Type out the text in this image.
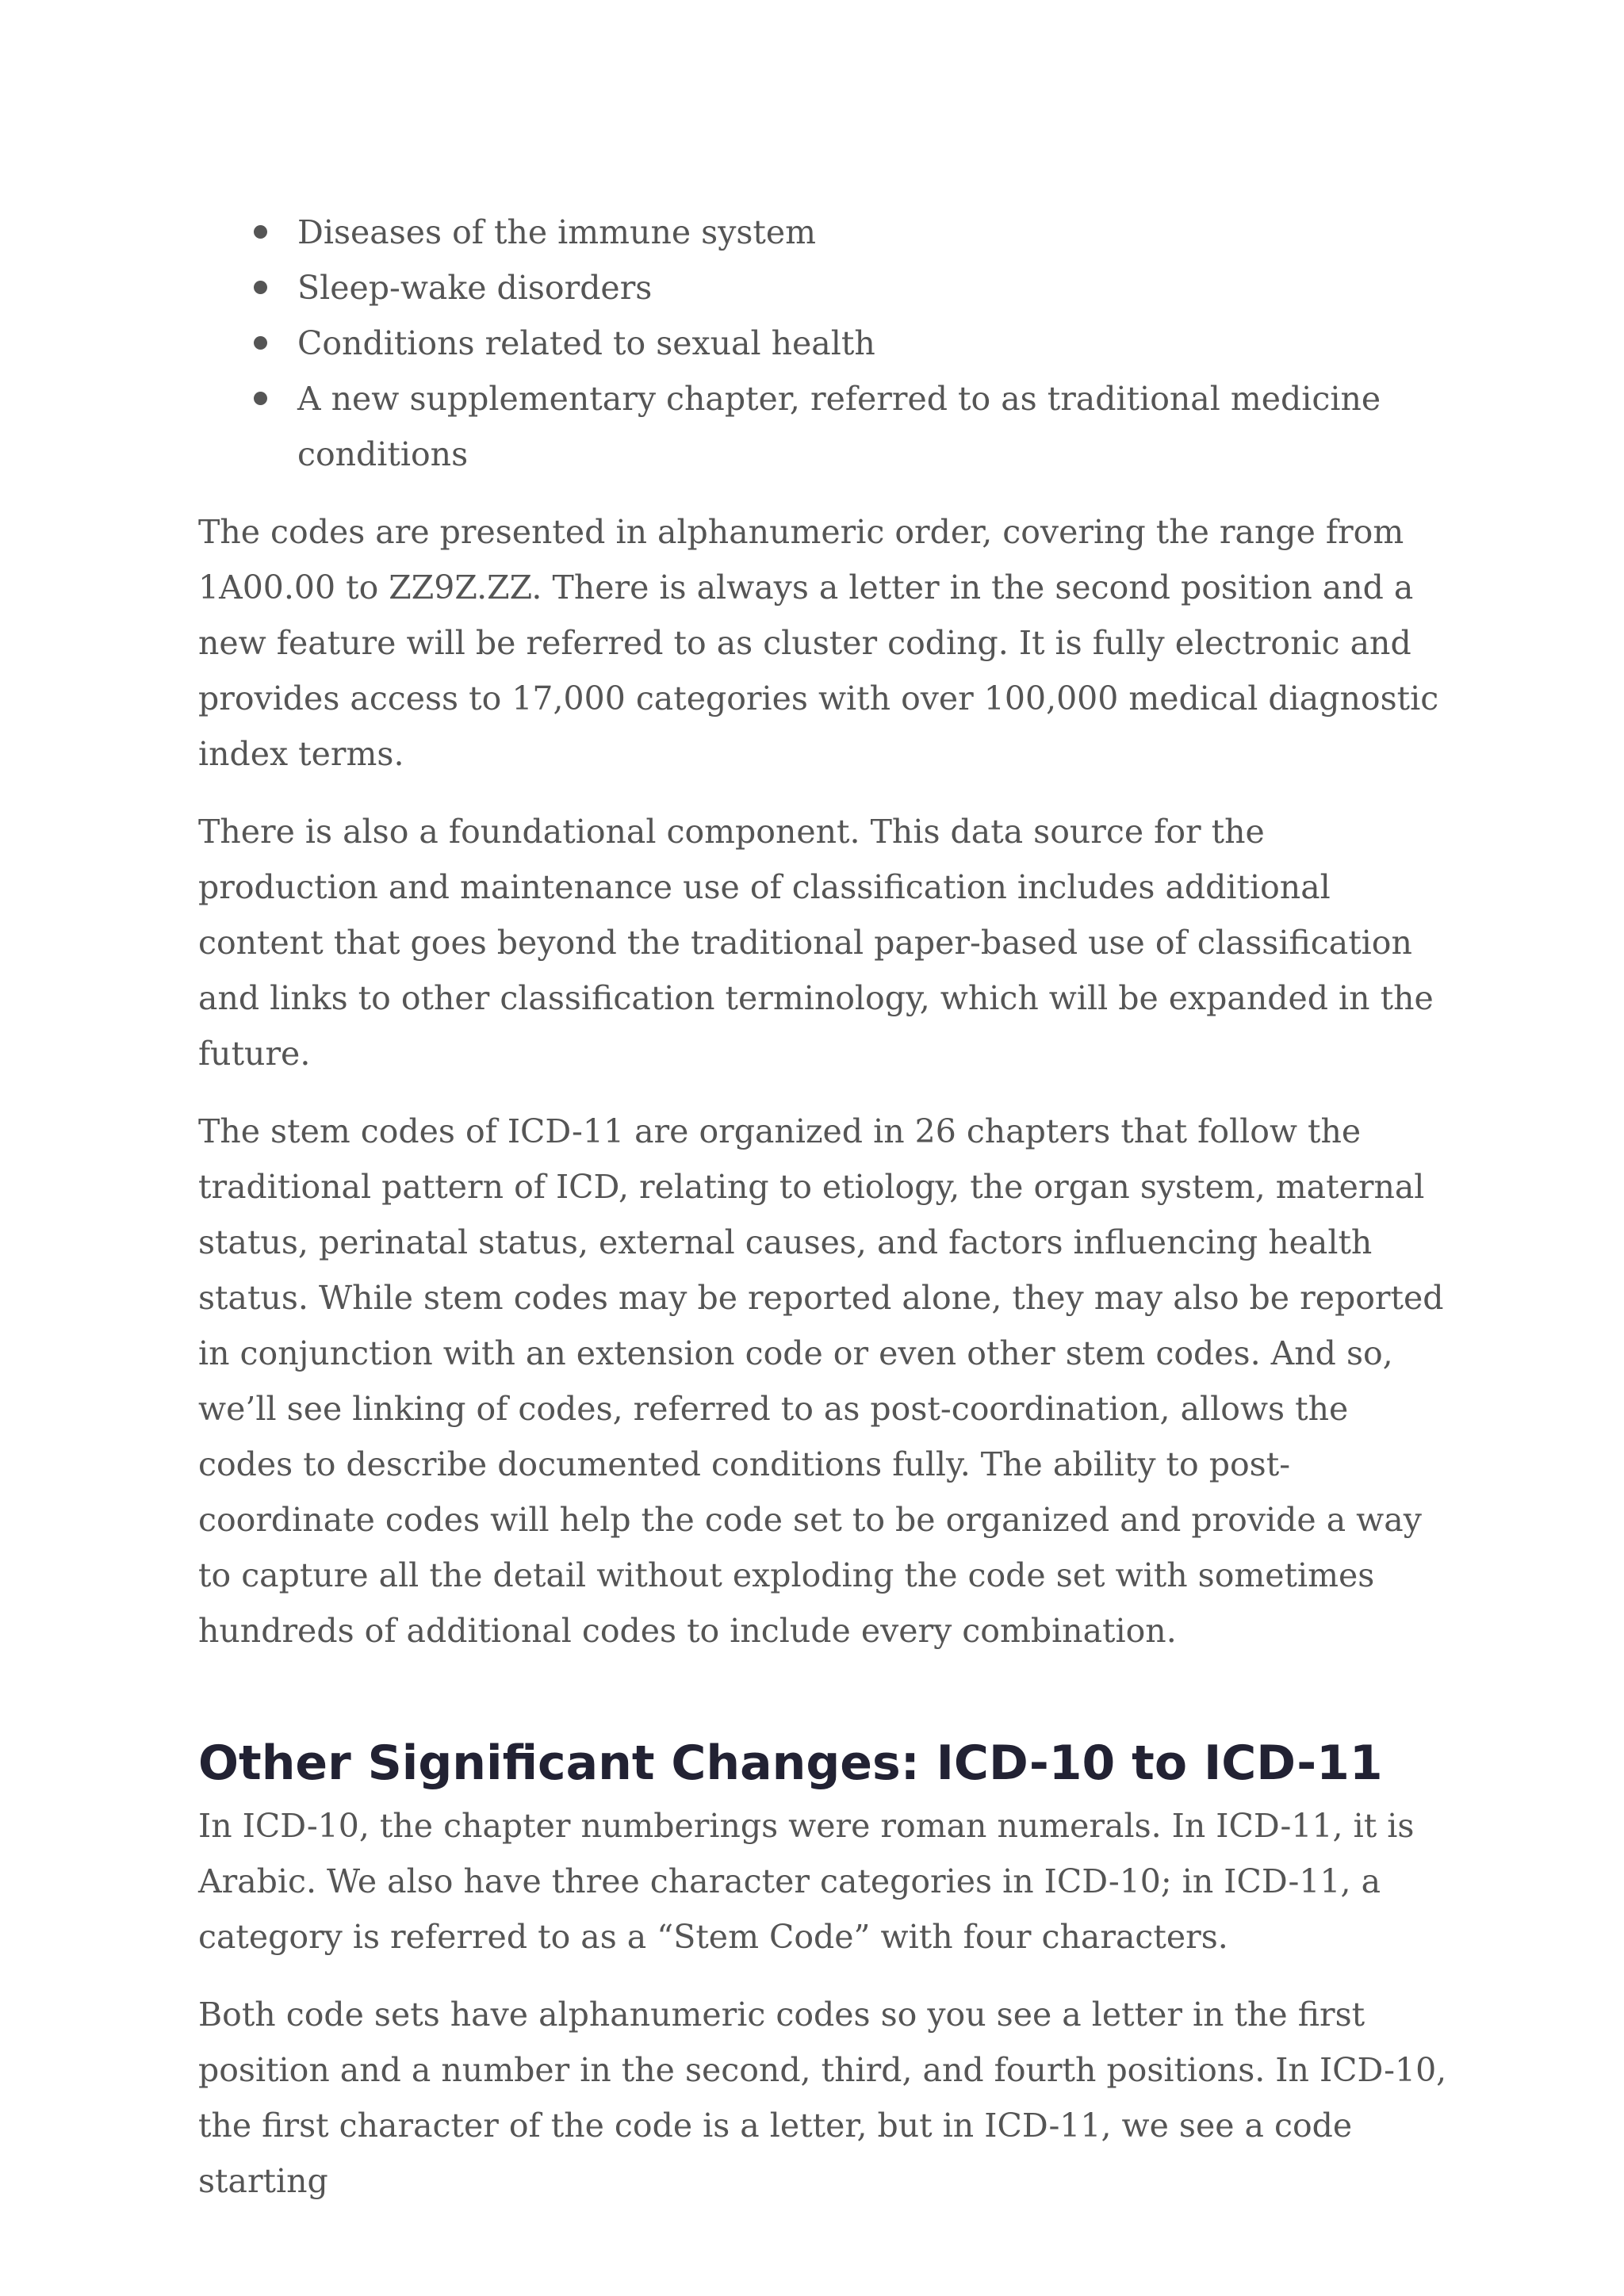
Diseases of the immune system
Sleep-wake disorders
Conditions related to sexual health
A new supplementary chapter, referred to as traditional medicine conditions

The codes are presented in alphanumeric order, covering the range from 1A00.00 to ZZ9Z.ZZ. There is always a letter in the second position and a new feature will be referred to as cluster coding. It is fully electronic and provides access to 17,000 categories with over 100,000 medical diagnostic index terms.

There is also a foundational component. This data source for the production and maintenance use of classification includes additional content that goes beyond the traditional paper-based use of classification and links to other classification terminology, which will be expanded in the future.

The stem codes of ICD-11 are organized in 26 chapters that follow the traditional pattern of ICD, relating to etiology, the organ system, maternal status, perinatal status, external causes, and factors influencing health status. While stem codes may be reported alone, they may also be reported in conjunction with an extension code or even other stem codes. And so, we’ll see linking of codes, referred to as post-coordination, allows the codes to describe documented conditions fully. The ability to post-coordinate codes will help the code set to be organized and provide a way to capture all the detail without exploding the code set with sometimes hundreds of additional codes to include every combination.

Other Significant Changes: ICD-10 to ICD-11

In ICD-10, the chapter numberings were roman numerals. In ICD-11, it is Arabic. We also have three character categories in ICD-10; in ICD-11, a category is referred to as a “Stem Code” with four characters.

Both code sets have alphanumeric codes so you see a letter in the first position and a number in the second, third, and fourth positions. In ICD-10, the first character of the code is a letter, but in ICD-11, we see a code starting
